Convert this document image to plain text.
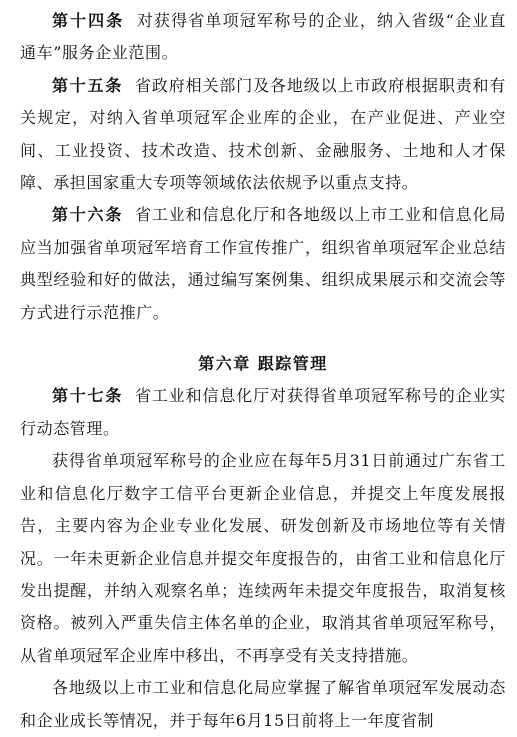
第十四条  对获得省单项冠军称号的企业，纳入省级“企业直通车”服务企业范围。

第十五条  省政府相关部门及各地级以上市政府根据职责和有关规定，对纳入省单项冠军企业库的企业，在产业促进、产业空间、工业投资、技术改造、技术创新、金融服务、土地和人才保障、承担国家重大专项等领域依法依规予以重点支持。

第十六条  省工业和信息化厅和各地级以上市工业和信息化局应当加强省单项冠军培育工作宣传推广，组织省单项冠军企业总结典型经验和好的做法，通过编写案例集、组织成果展示和交流会等方式进行示范推广。

第六章 跟踪管理

第十七条  省工业和信息化厅对获得省单项冠军称号的企业实行动态管理。

获得省单项冠军称号的企业应在每年5月31日前通过广东省工业和信息化厅数字工信平台更新企业信息，并提交上年度发展报告，主要内容为企业专业化发展、研发创新及市场地位等有关情况。一年未更新企业信息并提交年度报告的，由省工业和信息化厅发出提醒，并纳入观察名单；连续两年未提交年度报告，取消复核资格。被列入严重失信主体名单的企业，取消其省单项冠军称号，从省单项冠军企业库中移出，不再享受有关支持措施。

各地级以上市工业和信息化局应掌握了解省单项冠军发展动态和企业成长等情况，并于每年6月15日前将上一年度省制
